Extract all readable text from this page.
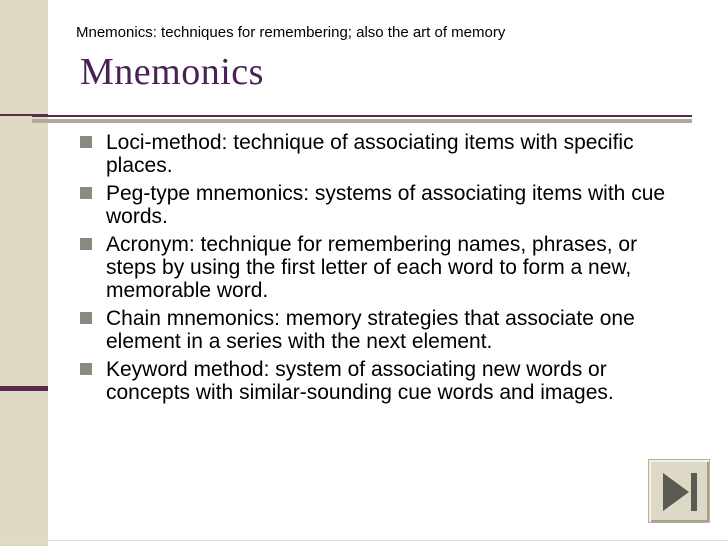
Mnemonics: techniques for remembering; also the art of memory
Mnemonics
Loci-method: technique of associating items with specific places.
Peg-type mnemonics: systems of associating items with cue words.
Acronym: technique for remembering names, phrases, or steps by using the first letter of each word to form a new, memorable word.
Chain mnemonics: memory strategies that associate one element in a series with the next element.
Keyword method: system of associating new words or concepts with similar-sounding cue words and images.
